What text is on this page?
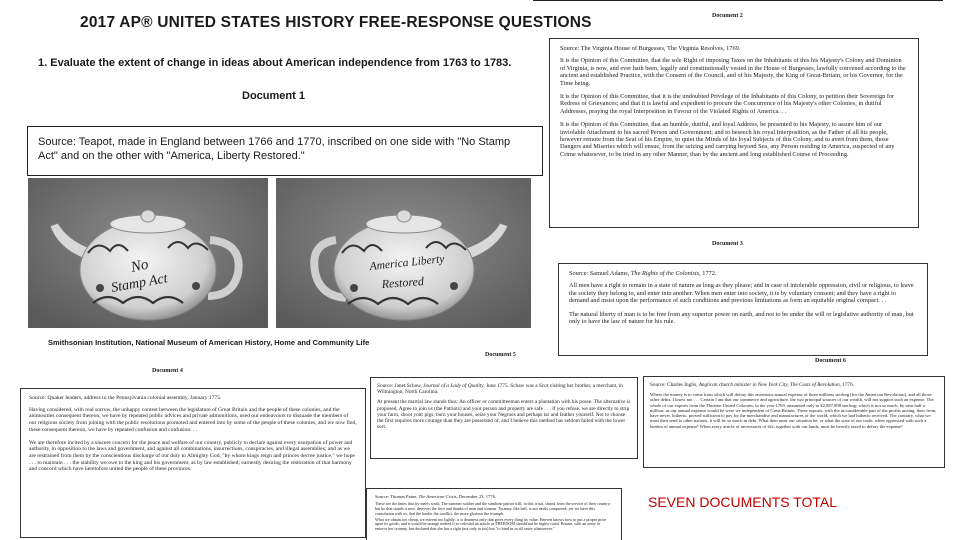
2017 AP® UNITED STATES HISTORY FREE-RESPONSE QUESTIONS
1. Evaluate the extent of change in ideas about American independence from 1763 to 1783.
Document 1
Source: Teapot, made in England between 1766 and 1770, inscribed on one side with "No Stamp Act" and on the other with "America, Liberty Restored."
No
Stamp Act
America Liberty
Restored
Smithsonian Institution, National Museum of American History, Home and Community Life
Document 2

Source: The Virginia House of Burgesses, The Virginia Resolves, 1769.

It is the Opinion of this Committee, that the sole Right of imposing Taxes on the Inhabitants of this his Majesty's Colony and Dominion of Virginia, is now, and ever hath been, legally and constitutionally vested in the House of Burgesses, lawfully convened according to the ancient and established Practice, with the Consent of the Council, and of his Majesty, the King of Great-Britain, or his Governor, for the Time being.

It is the Opinion of this Committee, that it is the undoubted Privilege of the Inhabitants of this Colony, to petition their Sovereign for Redress of Grievances; and that it is lawful and expedient to procure the Concurrence of his Majesty's other Colonies, in dutiful Addresses, praying the royal Interposition in Favour of the Violated Rights of America. . .

It is the Opinion of this Committee, that an humble, dutiful, and loyal Address, be presented to his Majesty, to assure him of our inviolable Attachment to his sacred Person and Government; and to beseech his royal Interposition, as the Father of all his people, however remote from the Seat of his Empire, to quiet the Minds of his loyal Subjects of this Colony, and to avert from them, those Dangers and Miseries which will ensue, from the seizing and carrying beyond Sea, any Person residing in America, suspected of any Crime whatsoever, to be tried in any other Manner, than by the ancient and long established Course of Proceeding.

Document 3

Source: Samuel Adams, The Rights of the Colonists, 1772.

All men have a right to remain in a state of nature as long as they please; and in case of intolerable oppression, civil or religious, to leave the society they belong to, and enter into another. When men enter into society, it is by voluntary consent; and they have a right to demand and insist upon the performance of such conditions and previous limitations as form an equitable original compact. . .

The natural liberty of man is to be free from any superior power on earth, and not to be under the will or legislative authority of man, but only to have the law of nature for his rule.

Document 4

Source: Quaker leaders, address to the Pennsylvania colonial assembly, January 1775.

Having considered, with real sorrow, the unhappy contest between the legislature of Great Britain and the people of these colonies, and the animosities consequent thereon, we have by repeated public advices and private admonitions, used our endeavours to dissuade the members of our religious society from joining with the public resolutions promoted and entered into by some of the people of these colonies, and we now find, these consequent thereon, we have by repeated confusion and confusion. . .

We are therefore incited by a sincere concern for the peace and welfare of our country, publicly to declare against every usurpation of power and authority, in opposition to the laws and government, and against all combinations, insurrections, conspiracies, and illegal assemblies; and as we are restrained from them by the conscientious discharge of our duty to Almighty God, "by whom kings reign and princes decree justice," we hope . . . to maintain . . . the stability we owe to the king and his government, as by law established; earnestly desiring the restoration of that harmony and concord which have heretofore united the people of these provinces.

Document 5

Source: Janet Schaw, Journal of a Lady of Quality, June 1775. Schaw was a Scot visiting her brother, a merchant, in Wilmington, North Carolina.

At present the martial law stands thus: An officer or committeeman enters a plantation with his posse. The alternative is proposed, Agree to join us (the Patriots) and your person and property are safe . . . if you refuse, we are directly to strip your farm, shoot your pigs, burn your houses, seize your Negroes and perhaps tar and feather yourself. Not to choose the first requires more courage than they are possessed of, and I believe this method has seldom failed with the lower sort.

Source: Thomas Paine, The American Crisis, December 23, 1776.

These are the times that try men's souls. The summer soldier and the sunshine patriot will, in this crisis, shrink from the service of their country; but he that stands it now, deserves the love and thanks of man and woman. Tyranny, like hell, is not easily conquered; yet we have this consolation with us, that the harder the conflict, the more glorious the triumph.

What we obtain too cheap, we esteem too lightly: it is dearness only that gives every thing its value. Heaven knows how to put a proper price upon its goods; and it would be strange indeed if so celestial an article as FREEDOM should not be highly rated. Britain, with an army to enforce her tyranny, has declared that she has a right (not only to tax) but "to bind us in all cases whatsoever."

Document 6

Source: Charles Inglis, Anglican church minister in New York City, The Costs of Revolution, 1776.

Where the money is to come from which will defray this enormous annual expense of three millions sterling [for the American Revolution], and all those other debts, I know not . . . Certain I am that our commerce and agriculture, the two principal sources of our wealth, will not support such an expense. The whole of our exports from the Thirteen United Colonies, in the year 1769, amounted only to £2,887,898 sterling; which is not so much, by near half a million, as our annual expense would be were we independent of Great Britain. These exports, with the inconsiderable part of the profits arising, their from, have never, hitherto, proved sufficient to pay for the merchandise and manufactures of the world, which we had hitherto received. The contrary, what we must then send to other nations, it will be so much in debt. What then must our situation be, or what the state of our trade, when oppressed with such a burden of annual expense! When every article of necessaries of life, together with our lands, must be heavily taxed to defray the expense!

SEVEN DOCUMENTS TOTAL
